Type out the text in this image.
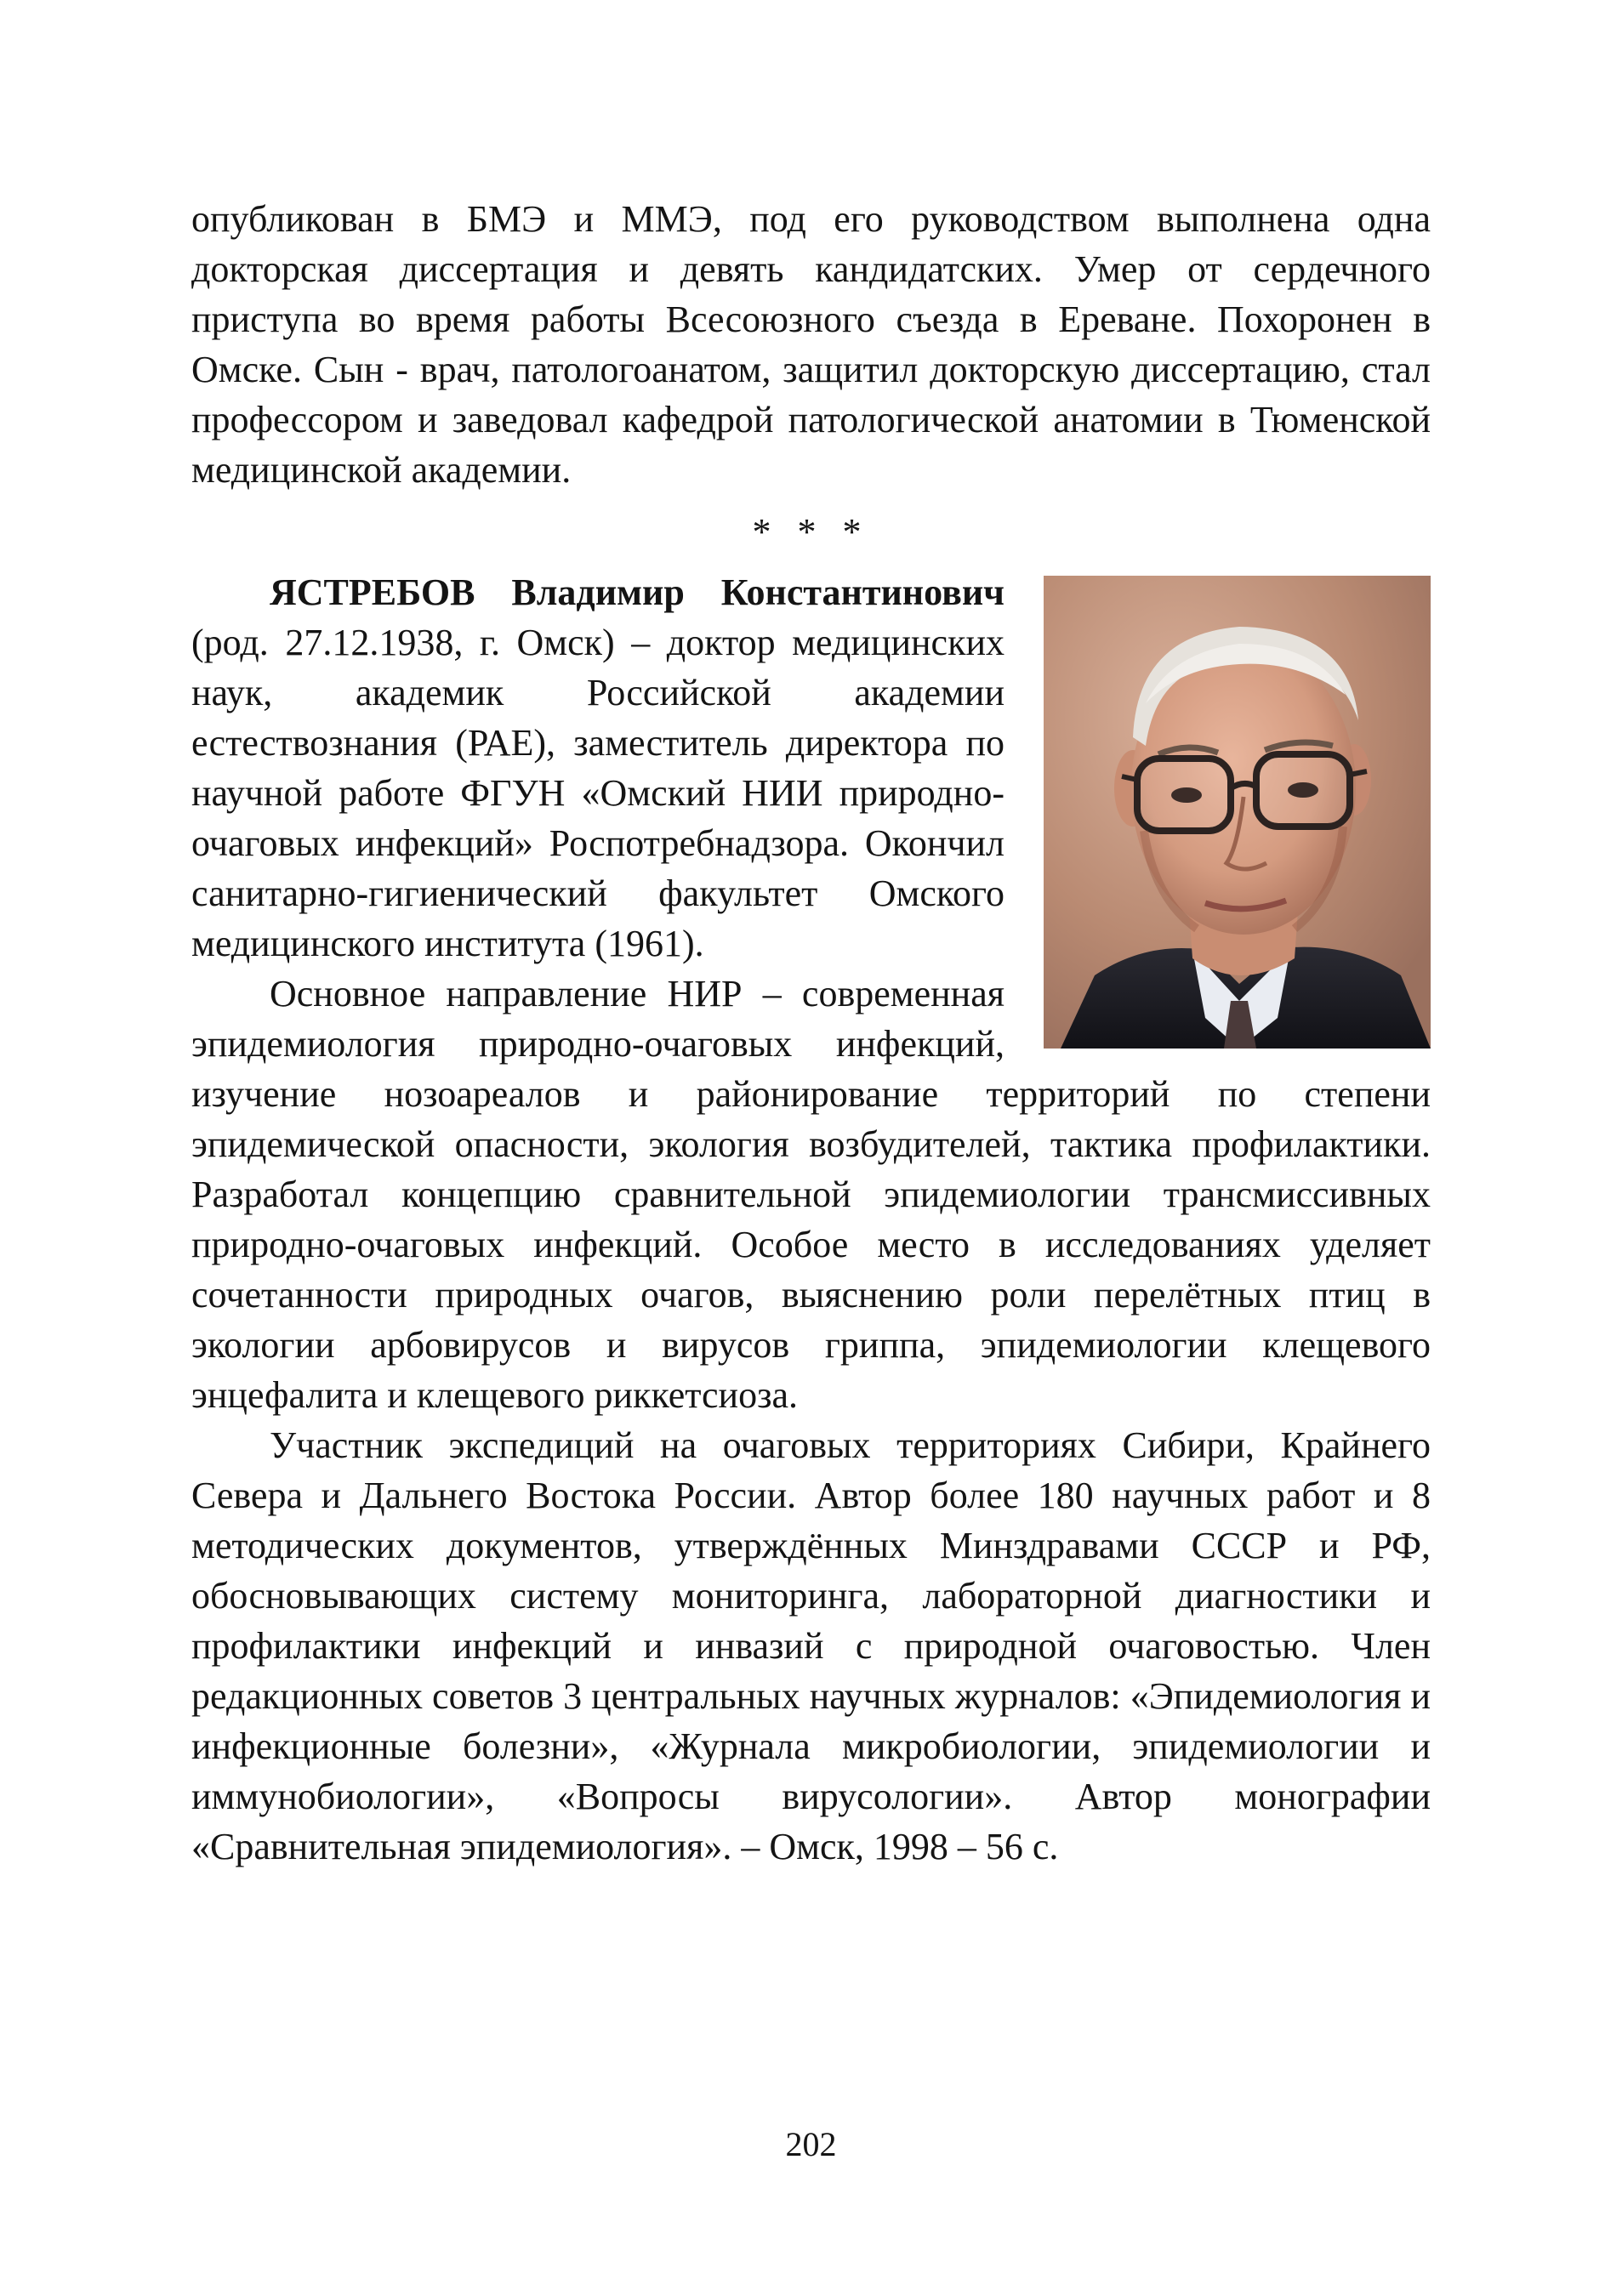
опубликован в БМЭ и ММЭ, под его руководством выполнена одна докторская диссертация и девять кандидатских. Умер от сердечного приступа во время работы Всесоюзного съезда в Ереване. Похоронен в Омске. Сын - врач, патологоанатом, защитил докторскую диссертацию, стал профессором и заведовал кафедрой патологической анатомии в Тюменской медицинской академии.

* * *

ЯСТРЕБОВ Владимир Константинович (род. 27.12.1938, г. Омск) – доктор медицинских наук, академик Российской академии естествознания (РАЕ), заместитель директора по научной работе ФГУН «Омский НИИ природно-очаговых инфекций» Роспотребнадзора. Окончил санитарно-гигиенический факультет Омского медицинского института (1961).

Основное направление НИР – современная эпидемиология природно-очаговых инфекций, изучение нозоареалов и районирование территорий по степени эпидемической опасности, экология возбудителей, тактика профилактики. Разработал концепцию сравнительной эпидемиологии трансмиссивных природно-очаговых инфекций. Особое место в исследованиях уделяет сочетанности природных очагов, выяснению роли перелётных птиц в экологии арбовирусов и вирусов гриппа, эпидемиологии клещевого энцефалита и клещевого риккетсиоза.

Участник экспедиций на очаговых территориях Сибири, Крайнего Севера и Дальнего Востока России. Автор более 180 научных работ и 8 методических документов, утверждённых Минздравами СССР и РФ, обосновывающих систему мониторинга, лабораторной диагностики и профилактики инфекций и инвазий с природной очаговостью. Член редакционных советов 3 центральных научных журналов: «Эпидемиология и инфекционные болезни», «Журнала микробиологии, эпидемиологии и иммунобиологии», «Вопросы вирусологии». Автор монографии «Сравнительная эпидемиология». – Омск, 1998 – 56 с.

202
